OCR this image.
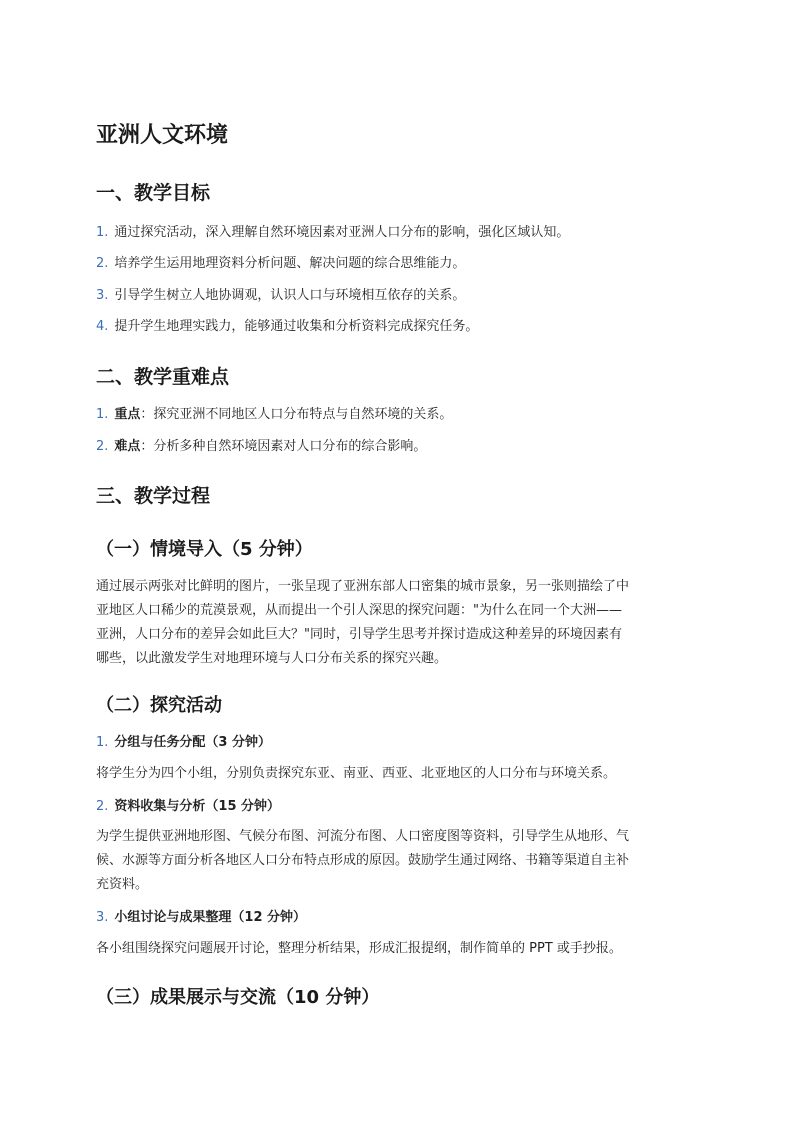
亚洲人文环境
一、教学目标
1. 通过探究活动，深入理解自然环境因素对亚洲人口分布的影响，强化区域认知。
2. 培养学生运用地理资料分析问题、解决问题的综合思维能力。
3. 引导学生树立人地协调观，认识人口与环境相互依存的关系。
4. 提升学生地理实践力，能够通过收集和分析资料完成探究任务。
二、教学重难点
1. 重点：探究亚洲不同地区人口分布特点与自然环境的关系。
2. 难点：分析多种自然环境因素对人口分布的综合影响。
三、教学过程
（一）情境导入（5 分钟）
通过展示两张对比鲜明的图片，一张呈现了亚洲东部人口密集的城市景象，另一张则描绘了中
亚地区人口稀少的荒漠景观，从而提出一个引人深思的探究问题："为什么在同一个大洲——
亚洲，人口分布的差异会如此巨大？"同时，引导学生思考并探讨造成这种差异的环境因素有
哪些，以此激发学生对地理环境与人口分布关系的探究兴趣。
（二）探究活动
1. 分组与任务分配（3 分钟）
将学生分为四个小组，分别负责探究东亚、南亚、西亚、北亚地区的人口分布与环境关系。
2. 资料收集与分析（15 分钟）
为学生提供亚洲地形图、气候分布图、河流分布图、人口密度图等资料，引导学生从地形、气
候、水源等方面分析各地区人口分布特点形成的原因。鼓励学生通过网络、书籍等渠道自主补
充资料。
3. 小组讨论与成果整理（12 分钟）
各小组围绕探究问题展开讨论，整理分析结果，形成汇报提纲，制作简单的 PPT 或手抄报。
（三）成果展示与交流（10 分钟）
